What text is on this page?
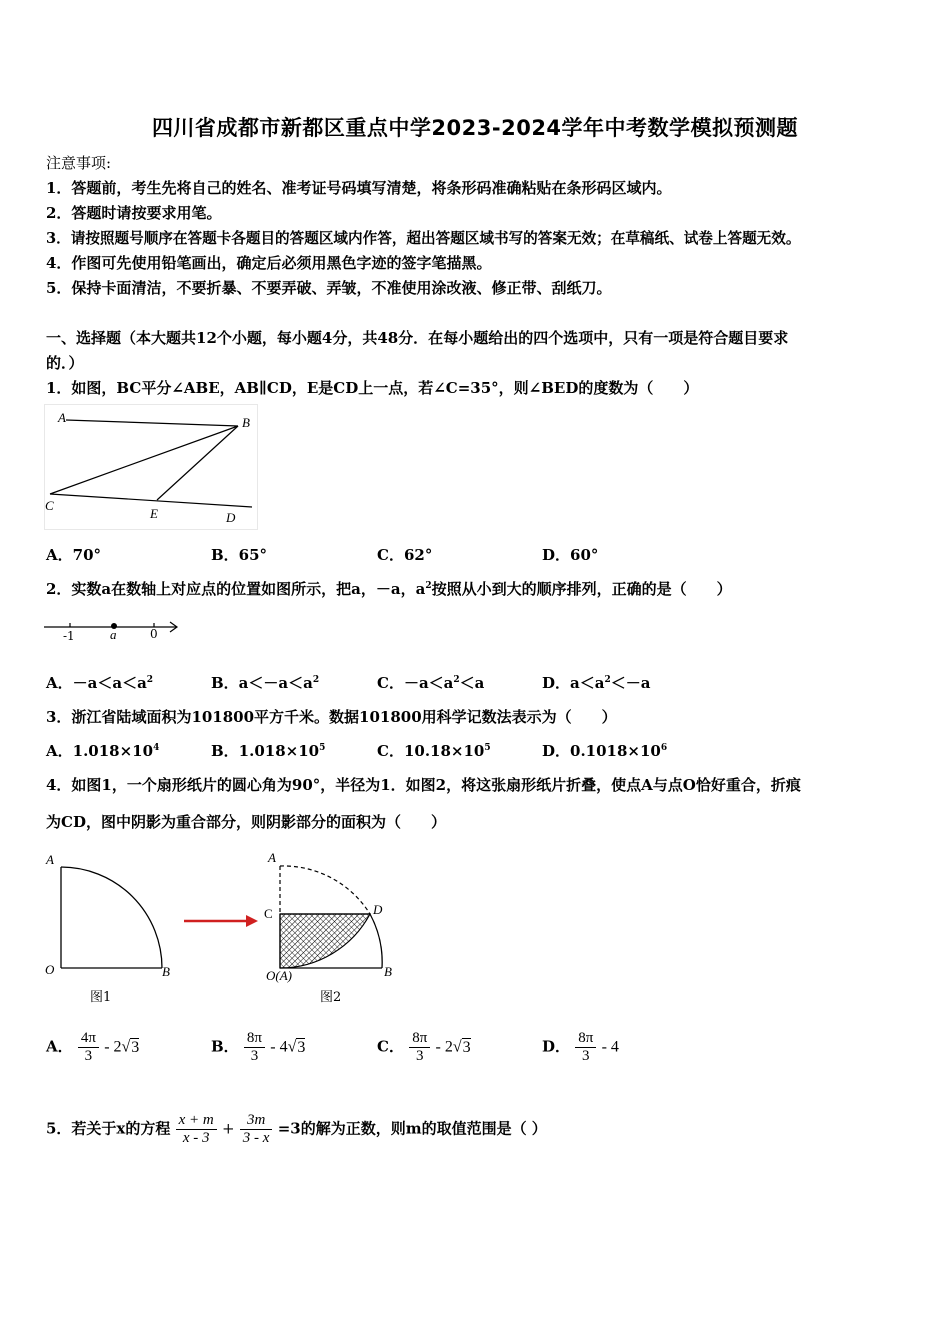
四川省成都市新都区重点中学2023-2024学年中考数学模拟预测题
注意事项:
1．答题前，考生先将自己的姓名、准考证号码填写清楚，将条形码准确粘贴在条形码区域内。
2．答题时请按要求用笔。
3．请按照题号顺序在答题卡各题目的答题区域内作答，超出答题区域书写的答案无效；在草稿纸、试卷上答题无效。
4．作图可先使用铅笔画出，确定后必须用黑色字迹的签字笔描黑。
5．保持卡面清洁，不要折暴、不要弄破、弄皱，不准使用涂改液、修正带、刮纸刀。
一、选择题（本大题共12个小题，每小题4分，共48分．在每小题给出的四个选项中，只有一项是符合题目要求
的．）
1．如图，BC平分∠ABE，AB∥CD，E是CD上一点，若∠C=35°，则∠BED的度数为（　　）
A	B
C
E	D
A．70°	B．65°	C．62°	D．60°
2．实数a在数轴上对应点的位置如图所示，把a，－a，$a^2$按照从小到大的顺序排列，正确的是（　　）
-1	a	0
A．$-a<a<a^2$	B．$a<-a<a^2$	C．$-a<a^2<a$	D．$a<a^2<-a$
3．浙江省陆域面积为101800平方千米。数据101800用科学记数法表示为（　　）
A．$1.018\times 10^4$	B．$1.018\times 10^5$	C．$10.18\times 10^5$	D．$0.1018\times 10^6$
4．如图1，一个扇形纸片的圆心角为90°，半径为1．如图2，将这张扇形纸片折叠，使点A与点O恰好重合，折痕
为CD，图中阴影为重合部分，则阴影部分的面积为（　　）
A
O	B
图1
A
C	D
O(A)	B
图2
A． $\frac{4\pi}{3} - 2√3$	B． $\frac{8\pi}{3} - 4√3$	C． $\frac{8\pi}{3} - 2√3$	D． $\frac{8\pi}{3} - 4$
5．若关于x的方程 $\frac{x + m}{x - 3} + \frac{3m}{3 - x} =3$的解为正数，则m的取值范围是（ ）
